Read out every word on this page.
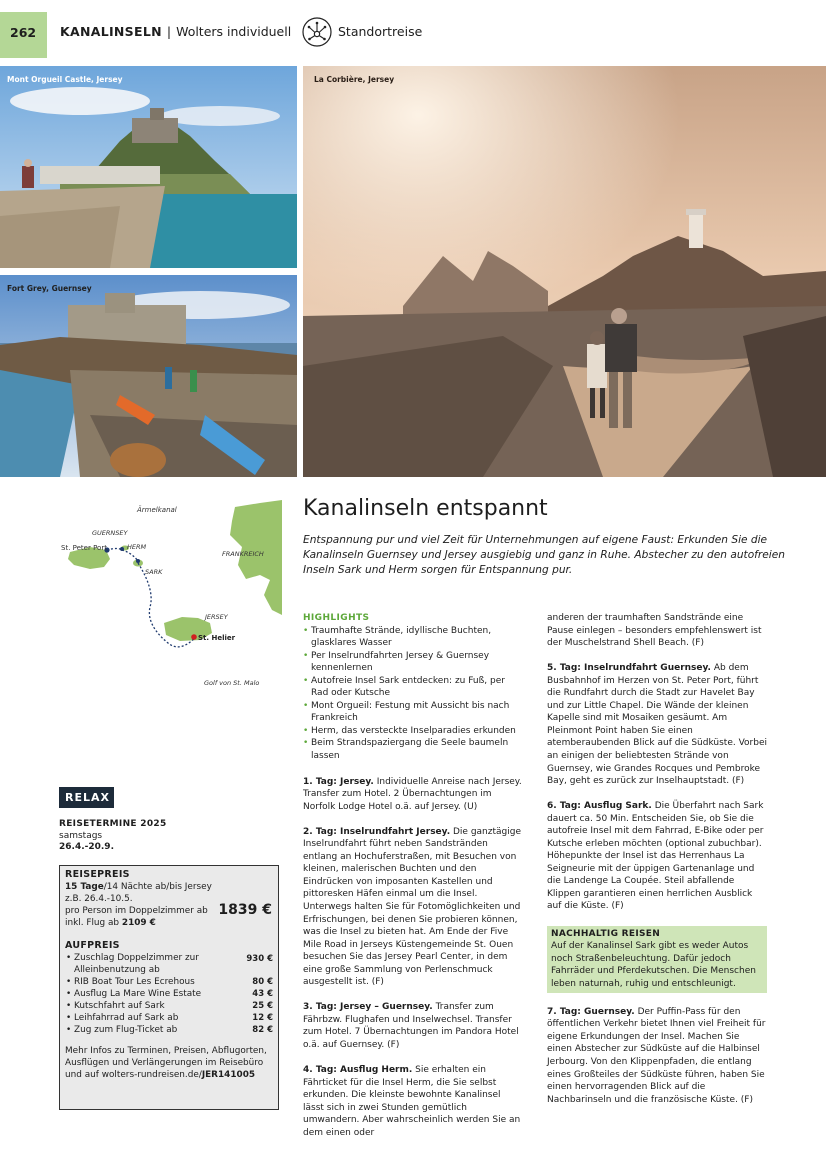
262 KANALINSELN | Wolters individuell	Standortreise
Mont Orgueil Castle, Jersey
Fort Grey, Guernsey
La Corbière, Jersey
Ärmelkanal
GUERNSEY
St. Peter Port	HERM
SARK
FRANKREICH
JERSEY
St. Helier
Golf von St. Malo
RELAX
REISETERMINE 2025
samstags
26.4.-20.9.
REISEPREIS
15 Tage/14 Nächte ab/bis Jersey
z.B. 26.4.-10.5.
pro Person im Doppelzimmer ab
inkl. Flug ab 2109 €
1839 €
AUFPREIS
• Zuschlag Doppelzimmer zur Alleinbenutzung ab
930 €
• RIB Boat Tour Les Ecrehous	80 €
• Ausflug La Mare Wine Estate	43 €
• Kutschfahrt auf Sark	25 €
• Leihfahrrad auf Sark ab	12 €
• Zug zum Flug-Ticket ab	82 €
Mehr Infos zu Terminen, Preisen, Abflugorten, Ausflügen und Verlängerungen im Reisebüro und auf wolters-rundreisen.de/JER141005
Kanalinseln entspannt

Entspannung pur und viel Zeit für Unternehmungen auf eigene Faust: Erkunden Sie die Kanalinseln Guernsey und Jersey ausgiebig und ganz in Ruhe. Abstecher zu den autofreien Inseln Sark und Herm sorgen für Entspannung pur.

HIGHLIGHTS
• Traumhafte Strände, idyllische Buchten, glasklares Wasser
• Per Inselrundfahrten Jersey & Guernsey kennenlernen
• Autofreie Insel Sark entdecken: zu Fuß, per Rad oder Kutsche
• Mont Orgueil: Festung mit Aussicht bis nach Frankreich
• Herm, das versteckte Inselparadies erkunden
• Beim Strandspaziergang die Seele baumeln lassen

1. Tag: Jersey. Individuelle Anreise nach Jersey. Transfer zum Hotel. 2 Übernachtungen im Norfolk Lodge Hotel o.ä. auf Jersey. (U)

2. Tag: Inselrundfahrt Jersey. Die ganztägige Inselrundfahrt führt neben Sandstränden entlang an Hochuferstraßen, mit Besuchen von kleinen, malerischen Buchten und den Eindrücken von imposanten Kastellen und pittoresken Häfen einmal um die Insel. Unterwegs halten Sie für Fotomöglichkeiten und Erfrischungen, bei denen Sie probieren können, was die Insel zu bieten hat. Am Ende der Five Mile Road in Jerseys Küstengemeinde St. Ouen besuchen Sie das Jersey Pearl Center, in dem eine große Sammlung von Perlenschmuck ausgestellt ist. (F)

3. Tag: Jersey – Guernsey. Transfer zum Fährbzw. Flughafen und Inselwechsel. Transfer zum Hotel. 7 Übernachtungen im Pandora Hotel o.ä. auf Guernsey. (F)

4. Tag: Ausflug Herm. Sie erhalten ein Fährticket für die Insel Herm, die Sie selbst erkunden. Die kleinste bewohnte Kanalinsel lässt sich in zwei Stunden gemütlich umwandern. Aber wahrscheinlich werden Sie an dem einen oder

anderen der traumhaften Sandstrände eine Pause einlegen – besonders empfehlenswert ist der Muschelstrand Shell Beach. (F)

5. Tag: Inselrundfahrt Guernsey. Ab dem Busbahnhof im Herzen von St. Peter Port, führt die Rundfahrt durch die Stadt zur Havelet Bay und zur Little Chapel. Die Wände der kleinen Kapelle sind mit Mosaiken gesäumt. Am Pleinmont Point haben Sie einen atemberaubenden Blick auf die Südküste. Vorbei an einigen der beliebtesten Strände von Guernsey, wie Grandes Rocques und Pembroke Bay, geht es zurück zur Inselhauptstadt. (F)

6. Tag: Ausflug Sark. Die Überfahrt nach Sark dauert ca. 50 Min. Entscheiden Sie, ob Sie die autofreie Insel mit dem Fahrrad, E-Bike oder per Kutsche erleben möchten (optional zubuchbar). Höhepunkte der Insel ist das Herrenhaus La Seigneurie mit der üppigen Gartenanlage und die Landenge La Coupée. Steil abfallende Klippen garantieren einen herrlichen Ausblick auf die Küste. (F)

NACHHALTIG REISEN
Auf der Kanalinsel Sark gibt es weder Autos noch Straßenbeleuchtung. Dafür jedoch Fahrräder und Pferdekutschen. Die Menschen leben naturnah, ruhig und entschleunigt.

7. Tag: Guernsey. Der Puffin-Pass für den öffentlichen Verkehr bietet Ihnen viel Freiheit für eigene Erkundungen der Insel. Machen Sie einen Abstecher zur Südküste auf die Halbinsel Jerbourg. Von den Klippenpfaden, die entlang eines Großteiles der Südküste führen, haben Sie einen hervorragenden Blick auf die Nachbarinseln und die französische Küste. (F)
